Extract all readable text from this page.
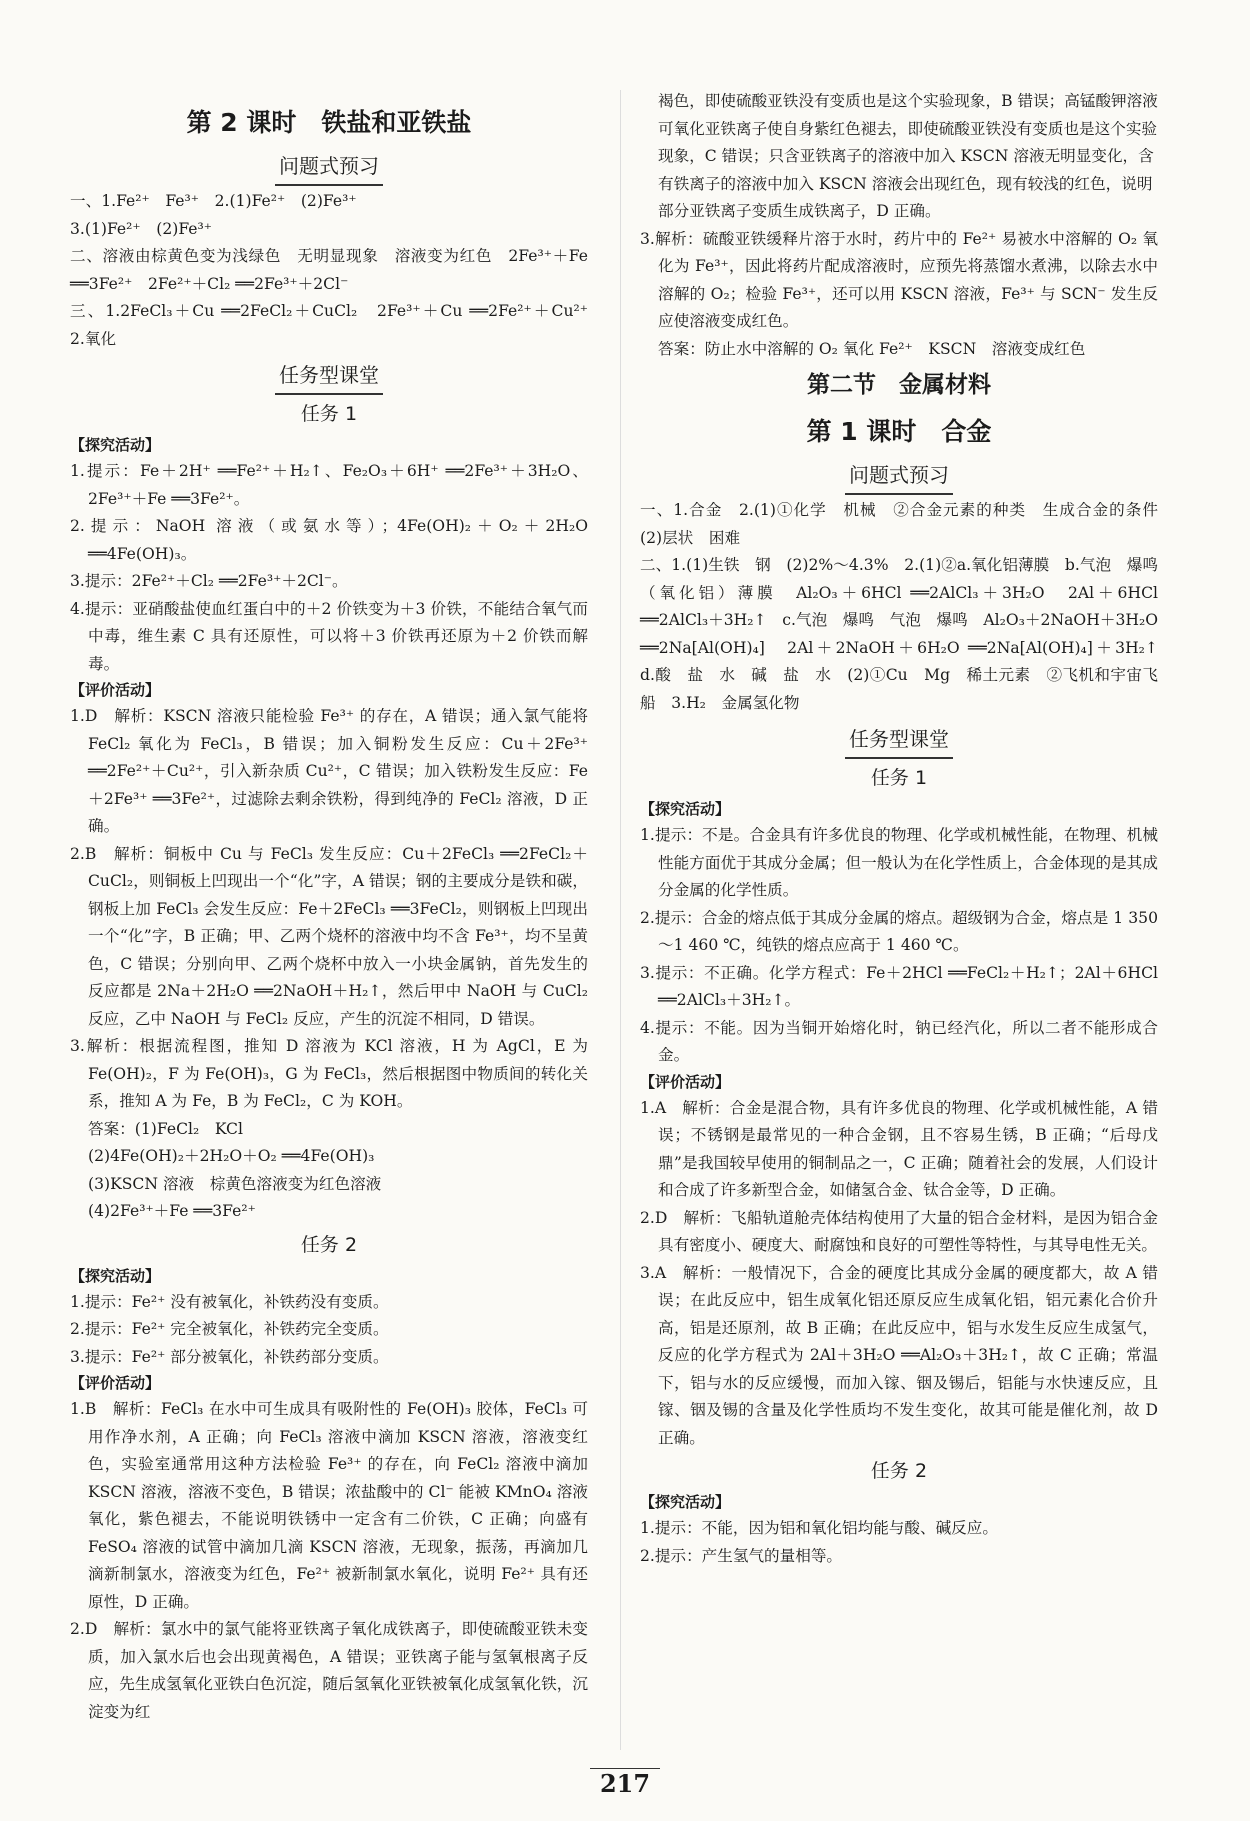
第 2 课时　铁盐和亚铁盐
问题式预习

一、1.Fe²⁺　Fe³⁺　2.(1)Fe²⁺　(2)Fe³⁺

3.(1)Fe²⁺　(2)Fe³⁺

二、溶液由棕黄色变为浅绿色　无明显现象　溶液变为红色　2Fe³⁺＋Fe ══3Fe²⁺　2Fe²⁺＋Cl₂ ══2Fe³⁺＋2Cl⁻

三、1.2FeCl₃＋Cu ══2FeCl₂＋CuCl₂　2Fe³⁺＋Cu ══2Fe²⁺＋Cu²⁺　2.氧化

任务型课堂
任务 1
【探究活动】

1.提示：Fe＋2H⁺ ══Fe²⁺＋H₂↑、Fe₂O₃＋6H⁺ ══2Fe³⁺＋3H₂O、2Fe³⁺＋Fe ══3Fe²⁺。

2.提示：NaOH 溶液（或氨水等）；4Fe(OH)₂＋O₂＋2H₂O ══4Fe(OH)₃。

3.提示：2Fe²⁺＋Cl₂ ══2Fe³⁺＋2Cl⁻。

4.提示：亚硝酸盐使血红蛋白中的＋2 价铁变为＋3 价铁，不能结合氧气而中毒，维生素 C 具有还原性，可以将＋3 价铁再还原为＋2 价铁而解毒。

【评价活动】

1.D　解析：KSCN 溶液只能检验 Fe³⁺ 的存在，A 错误；通入氯气能将 FeCl₂ 氧化为 FeCl₃，B 错误；加入铜粉发生反应：Cu＋2Fe³⁺ ══2Fe²⁺＋Cu²⁺，引入新杂质 Cu²⁺，C 错误；加入铁粉发生反应：Fe＋2Fe³⁺ ══3Fe²⁺，过滤除去剩余铁粉，得到纯净的 FeCl₂ 溶液，D 正确。

2.B　解析：铜板中 Cu 与 FeCl₃ 发生反应：Cu＋2FeCl₃ ══2FeCl₂＋CuCl₂，则铜板上凹现出一个“化”字，A 错误；钢的主要成分是铁和碳，钢板上加 FeCl₃ 会发生反应：Fe＋2FeCl₃ ══3FeCl₂，则钢板上凹现出一个“化”字，B 正确；甲、乙两个烧杯的溶液中均不含 Fe³⁺，均不呈黄色，C 错误；分别向甲、乙两个烧杯中放入一小块金属钠，首先发生的反应都是 2Na＋2H₂O ══2NaOH＋H₂↑，然后甲中 NaOH 与 CuCl₂ 反应，乙中 NaOH 与 FeCl₂ 反应，产生的沉淀不相同，D 错误。

3.解析：根据流程图，推知 D 溶液为 KCl 溶液，H 为 AgCl，E 为 Fe(OH)₂，F 为 Fe(OH)₃，G 为 FeCl₃，然后根据图中物质间的转化关系，推知 A 为 Fe，B 为 FeCl₂，C 为 KOH。

答案：(1)FeCl₂　KCl

(2)4Fe(OH)₂＋2H₂O＋O₂ ══4Fe(OH)₃

(3)KSCN 溶液　棕黄色溶液变为红色溶液

(4)2Fe³⁺＋Fe ══3Fe²⁺

任务 2
【探究活动】

1.提示：Fe²⁺ 没有被氧化，补铁药没有变质。

2.提示：Fe²⁺ 完全被氧化，补铁药完全变质。

3.提示：Fe²⁺ 部分被氧化，补铁药部分变质。

【评价活动】

1.B　解析：FeCl₃ 在水中可生成具有吸附性的 Fe(OH)₃ 胶体，FeCl₃ 可用作净水剂，A 正确；向 FeCl₃ 溶液中滴加 KSCN 溶液，溶液变红色，实验室通常用这种方法检验 Fe³⁺ 的存在，向 FeCl₂ 溶液中滴加 KSCN 溶液，溶液不变色，B 错误；浓盐酸中的 Cl⁻ 能被 KMnO₄ 溶液氧化，紫色褪去，不能说明铁锈中一定含有二价铁，C 正确；向盛有 FeSO₄ 溶液的试管中滴加几滴 KSCN 溶液，无现象，振荡，再滴加几滴新制氯水，溶液变为红色，Fe²⁺ 被新制氯水氧化，说明 Fe²⁺ 具有还原性，D 正确。

2.D　解析：氯水中的氯气能将亚铁离子氧化成铁离子，即使硫酸亚铁未变质，加入氯水后也会出现黄褐色，A 错误；亚铁离子能与氢氧根离子反应，先生成氢氧化亚铁白色沉淀，随后氢氧化亚铁被氧化成氢氧化铁，沉淀变为红

褐色，即使硫酸亚铁没有变质也是这个实验现象，B 错误；高锰酸钾溶液可氧化亚铁离子使自身紫红色褪去，即使硫酸亚铁没有变质也是这个实验现象，C 错误；只含亚铁离子的溶液中加入 KSCN 溶液无明显变化，含有铁离子的溶液中加入 KSCN 溶液会出现红色，现有较浅的红色，说明部分亚铁离子变质生成铁离子，D 正确。

3.解析：硫酸亚铁缓释片溶于水时，药片中的 Fe²⁺ 易被水中溶解的 O₂ 氧化为 Fe³⁺，因此将药片配成溶液时，应预先将蒸馏水煮沸，以除去水中溶解的 O₂；检验 Fe³⁺，还可以用 KSCN 溶液，Fe³⁺ 与 SCN⁻ 发生反应使溶液变成红色。

答案：防止水中溶解的 O₂ 氧化 Fe²⁺　KSCN　溶液变成红色

第二节　金属材料
第 1 课时　合金
问题式预习

一、1.合金　2.(1)①化学　机械　②合金元素的种类　生成合金的条件　(2)层状　困难

二、1.(1)生铁　钢　(2)2%～4.3%　2.(1)②a.氧化铝薄膜　b.气泡　爆鸣　（氧化铝）薄膜　Al₂O₃＋6HCl ══2AlCl₃＋3H₂O　2Al＋6HCl ══2AlCl₃＋3H₂↑　c.气泡　爆鸣　气泡　爆鸣　Al₂O₃＋2NaOH＋3H₂O ══2Na[Al(OH)₄]　2Al＋2NaOH＋6H₂O ══2Na[Al(OH)₄]＋3H₂↑　d.酸　盐　水　碱　盐　水　(2)①Cu　Mg　稀土元素　②飞机和宇宙飞船　3.H₂　金属氢化物

任务型课堂
任务 1
【探究活动】

1.提示：不是。合金具有许多优良的物理、化学或机械性能，在物理、机械性能方面优于其成分金属；但一般认为在化学性质上，合金体现的是其成分金属的化学性质。

2.提示：合金的熔点低于其成分金属的熔点。超级钢为合金，熔点是 1 350～1 460 ℃，纯铁的熔点应高于 1 460 ℃。

3.提示：不正确。化学方程式：Fe＋2HCl ══FeCl₂＋H₂↑；2Al＋6HCl ══2AlCl₃＋3H₂↑。

4.提示：不能。因为当铜开始熔化时，钠已经汽化，所以二者不能形成合金。

【评价活动】

1.A　解析：合金是混合物，具有许多优良的物理、化学或机械性能，A 错误；不锈钢是最常见的一种合金钢，且不容易生锈，B 正确；“后母戊鼎”是我国较早使用的铜制品之一，C 正确；随着社会的发展，人们设计和合成了许多新型合金，如储氢合金、钛合金等，D 正确。

2.D　解析：飞船轨道舱壳体结构使用了大量的铝合金材料，是因为铝合金具有密度小、硬度大、耐腐蚀和良好的可塑性等特性，与其导电性无关。

3.A　解析：一般情况下，合金的硬度比其成分金属的硬度都大，故 A 错误；在此反应中，铝生成氧化铝还原反应生成氧化铝，铝元素化合价升高，铝是还原剂，故 B 正确；在此反应中，铝与水发生反应生成氢气，反应的化学方程式为 2Al＋3H₂O ══Al₂O₃＋3H₂↑，故 C 正确；常温下，铝与水的反应缓慢，而加入镓、铟及锡后，铝能与水快速反应，且镓、铟及锡的含量及化学性质均不发生变化，故其可能是催化剂，故 D 正确。

任务 2
【探究活动】

1.提示：不能，因为铝和氧化铝均能与酸、碱反应。

2.提示：产生氢气的量相等。

217
